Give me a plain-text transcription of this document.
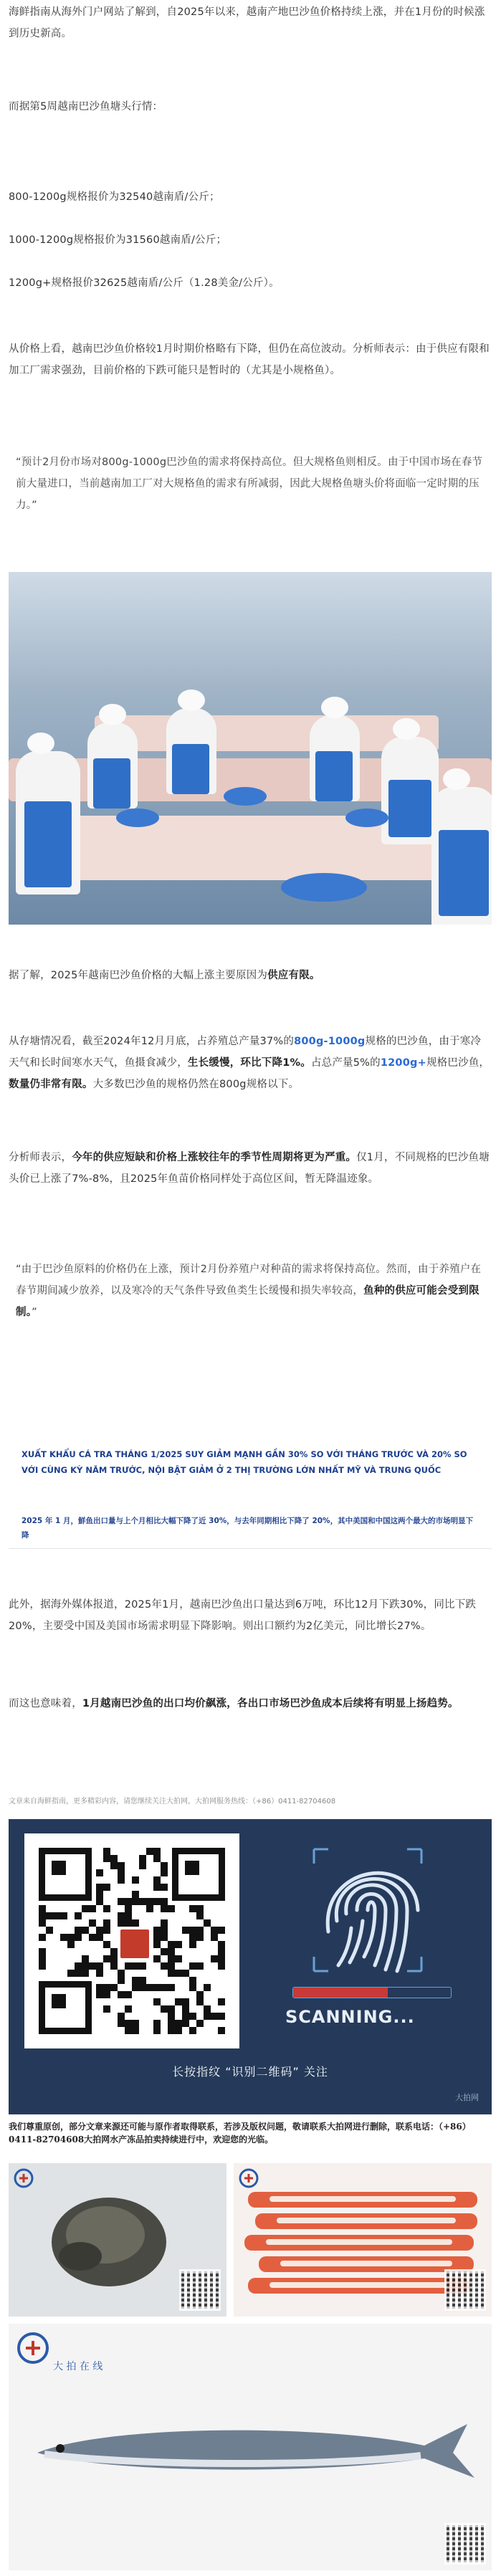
海鲜指南从海外门户网站了解到，自2025年以来，越南产地巴沙鱼价格持续上涨，并在1月份的时候涨到历史新高。

而据第5周越南巴沙鱼塘头行情：

800-1200g规格报价为32540越南盾/公斤；

1000-1200g规格报价为31560越南盾/公斤；

1200g+规格报价32625越南盾/公斤（1.28美金/公斤）。

从价格上看，越南巴沙鱼价格较1月时期价格略有下降，但仍在高位波动。分析师表示：由于供应有限和加工厂需求强劲，目前价格的下跌可能只是暂时的（尤其是小规格鱼）。

“预计2月份市场对800g-1000g巴沙鱼的需求将保持高位。但大规格鱼则相反。由于中国市场在春节前大量进口，当前越南加工厂对大规格鱼的需求有所减弱，因此大规格鱼塘头价将面临一定时期的压力。”

据了解，2025年越南巴沙鱼价格的大幅上涨主要原因为供应有限。

从存塘情况看，截至2024年12月月底，占养殖总产量37%的800g-1000g规格的巴沙鱼，由于寒冷天气和长时间寒水天气，鱼摄食减少，生长缓慢，环比下降1%。占总产量5%的1200g+规格巴沙鱼，数量仍非常有限。大多数巴沙鱼的规格仍然在800g规格以下。

分析师表示，今年的供应短缺和价格上涨较往年的季节性周期将更为严重。仅1月，不同规格的巴沙鱼塘头价已上涨了7%-8%，且2025年鱼苗价格同样处于高位区间，暂无降温迹象。

“由于巴沙鱼原料的价格仍在上涨，预计2月份养殖户对种苗的需求将保持高位。然而，由于养殖户在春节期间减少放养，以及寒冷的天气条件导致鱼类生长缓慢和损失率较高，鱼种的供应可能会受到限制。”

XUẤT KHẨU CÁ TRA THÁNG 1/2025 SUY GIẢM MẠNH GẦN 30% SO VỚI THÁNG TRƯỚC VÀ 20% SO VỚI CÙNG KỲ NĂM TRƯỚC, NỘI BẬT GIẢM Ở 2 THỊ TRƯỜNG LỚN NHẤT MỸ VÀ TRUNG QUỐC
2025 年 1 月，鮮鱼出口量与上个月相比大幅下降了近 30%，与去年同期相比下降了 20%，其中美国和中国这两个最大的市场明显下降

此外，据海外媒体报道，2025年1月，越南巴沙鱼出口量达到6万吨，环比12月下跌30%，同比下跌20%，主要受中国及美国市场需求明显下降影响。则出口额约为2亿美元，同比增长27%。

而这也意味着，1月越南巴沙鱼的出口均价飙涨，各出口市场巴沙鱼成本后续将有明显上扬趋势。

文章来自海鲜指南，更多精彩内容，请您继续关注大拍网，大拍网服务热线：（+86）0411-82704608
SCANNING...
长按指纹 “识别二维码” 关注
大拍网
我们尊重原创，部分文章来源还可能与原作者取得联系，若涉及版权问题，敬请联系大拍网进行删除，联系电话：（+86）0411-82704608大拍网水产冻品拍卖持续进行中，欢迎您的光临。
大 拍 在 线
